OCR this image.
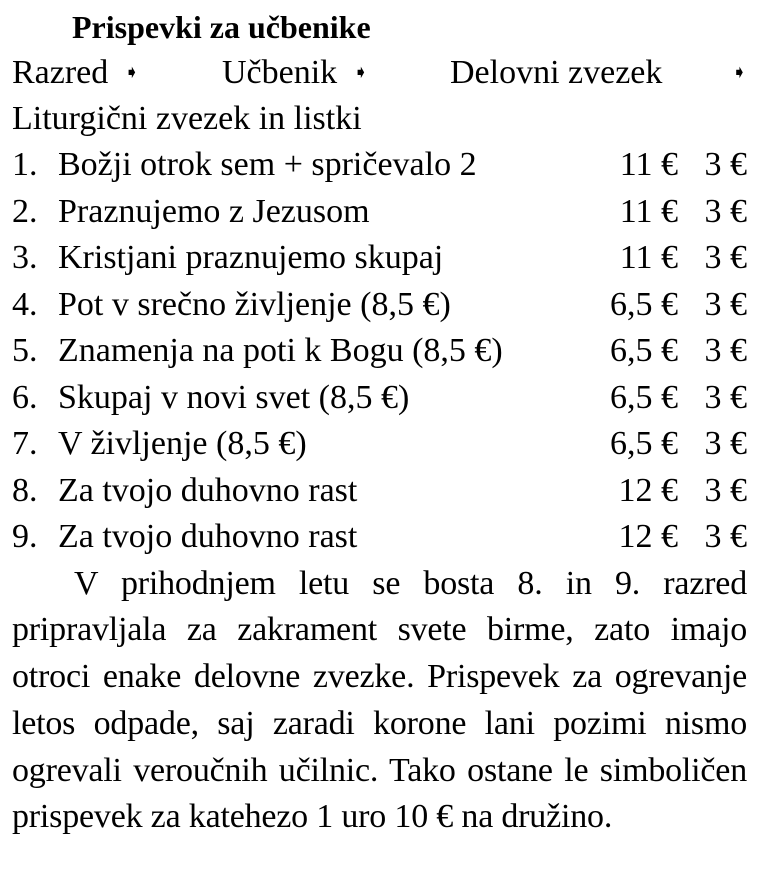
Prispevki za učbenike
Razred ➧ Učbenik ➧ Delovni zvezek	➧
Liturgični zvezek in listki
1. Božji otrok sem + spričevalo 2	11 € 3 €
2. Praznujemo z Jezusom	11 € 3 €
3. Kristjani praznujemo skupaj	11 € 3 €
4. Pot v srečno življenje (8,5 €)	6,5 € 3 €
5. Znamenja na poti k Bogu (8,5 €)	6,5 € 3 €
6. Skupaj v novi svet (8,5 €)	6,5 € 3 €
7. V življenje (8,5 €)	6,5 € 3 €
8. Za tvojo duhovno rast	12 € 3 €
9. Za tvojo duhovno rast	12 € 3 €

V prihodnjem letu se bosta 8. in 9. razred pripravljala za zakrament svete birme, zato imajo otroci enake delovne zvezke. Prispevek za ogrevanje letos odpade, saj zaradi korone lani pozimi nismo ogrevali veroučnih učilnic. Tako ostane le simboličen prispevek za katehezo 1 uro 10 € na družino.
